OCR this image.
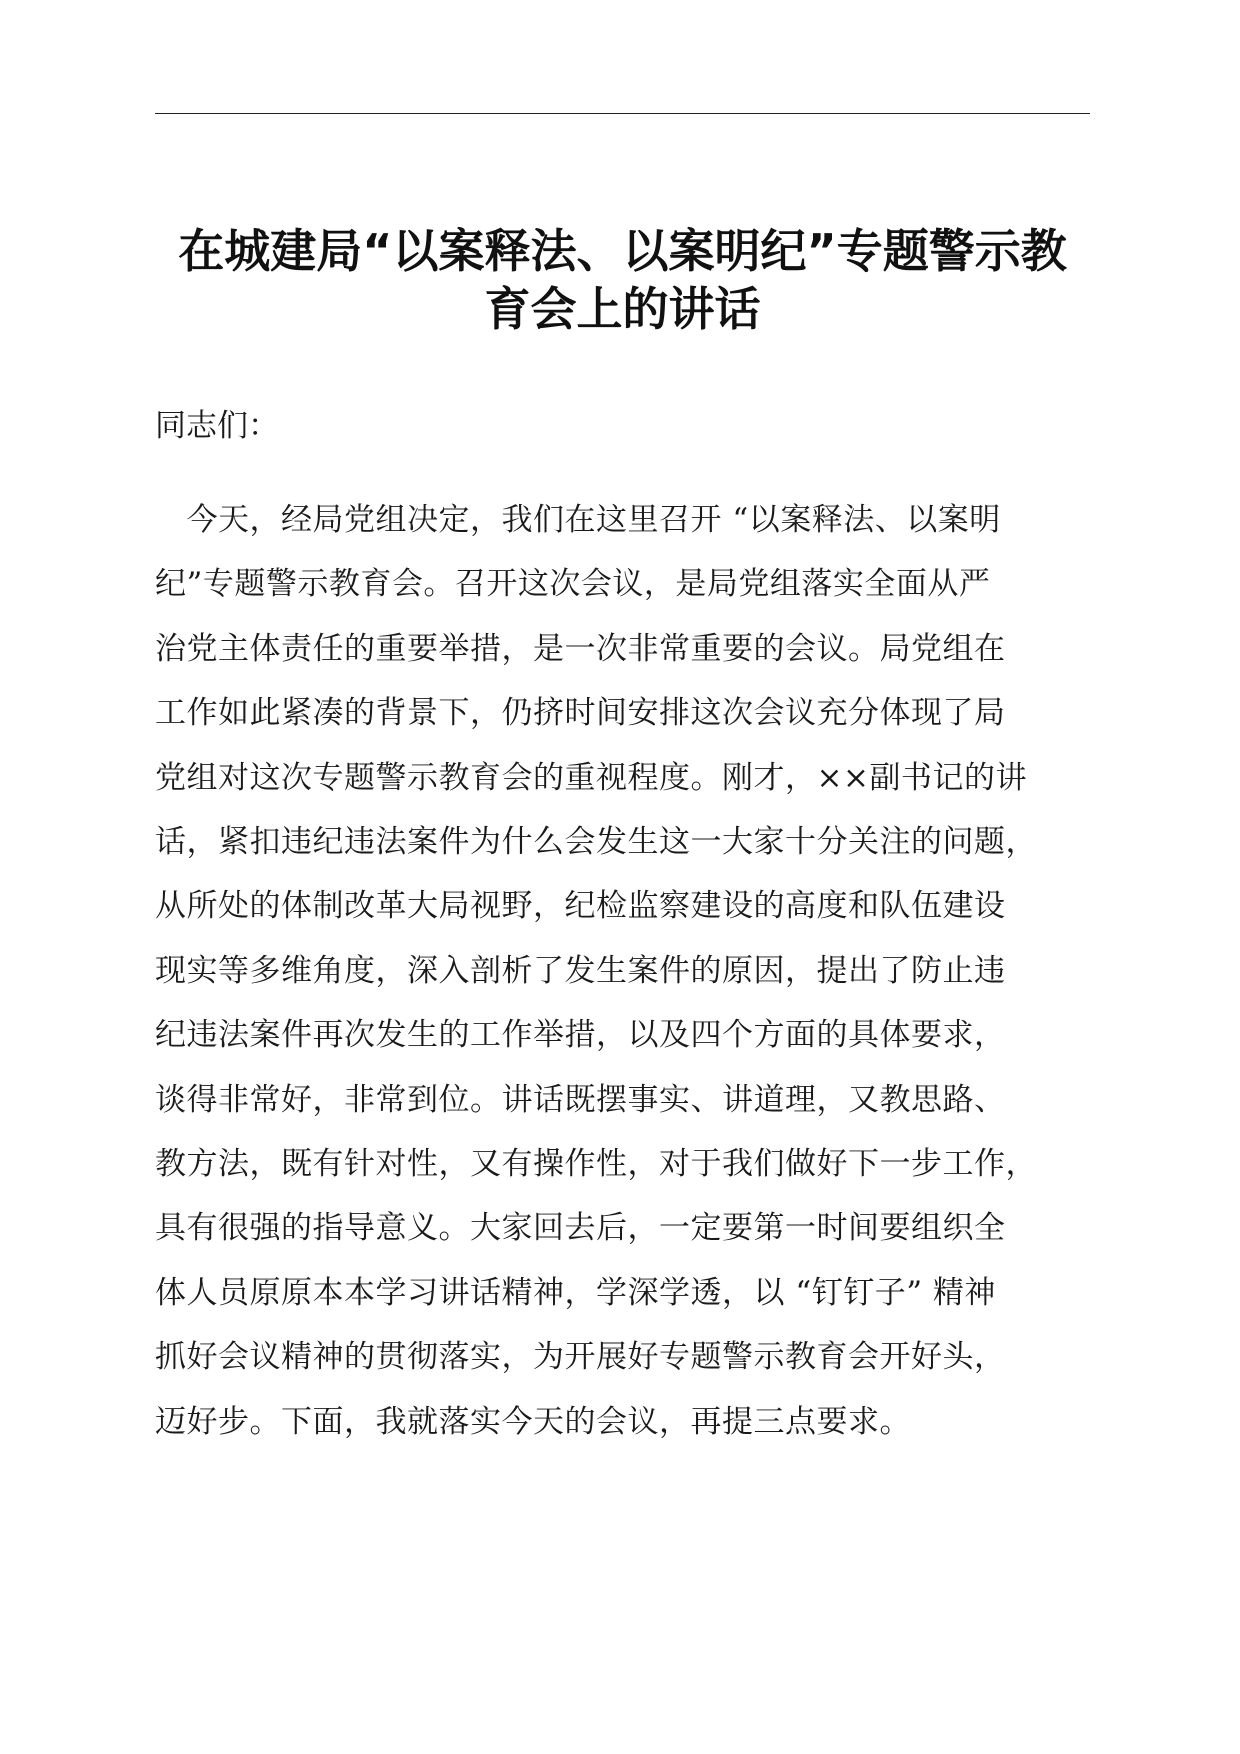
在城建局“以案释法、以案明纪”专题警示教
育会上的讲话

同志们：

　今天，经局党组决定，我们在这里召开 “以案释法、以案明
纪”专题警示教育会。召开这次会议，是局党组落实全面从严
治党主体责任的重要举措，是一次非常重要的会议。局党组在
工作如此紧凑的背景下，仍挤时间安排这次会议充分体现了局
党组对这次专题警示教育会的重视程度。刚才，××副书记的讲
话，紧扣违纪违法案件为什么会发生这一大家十分关注的问题，
从所处的体制改革大局视野，纪检监察建设的高度和队伍建设
现实等多维角度，深入剖析了发生案件的原因，提出了防止违
纪违法案件再次发生的工作举措，以及四个方面的具体要求，
谈得非常好，非常到位。讲话既摆事实、讲道理，又教思路、
教方法，既有针对性，又有操作性，对于我们做好下一步工作，
具有很强的指导意义。大家回去后，一定要第一时间要组织全
体人员原原本本学习讲话精神，学深学透，以 “钉钉子” 精神
抓好会议精神的贯彻落实，为开展好专题警示教育会开好头，
迈好步。下面，我就落实今天的会议，再提三点要求。
